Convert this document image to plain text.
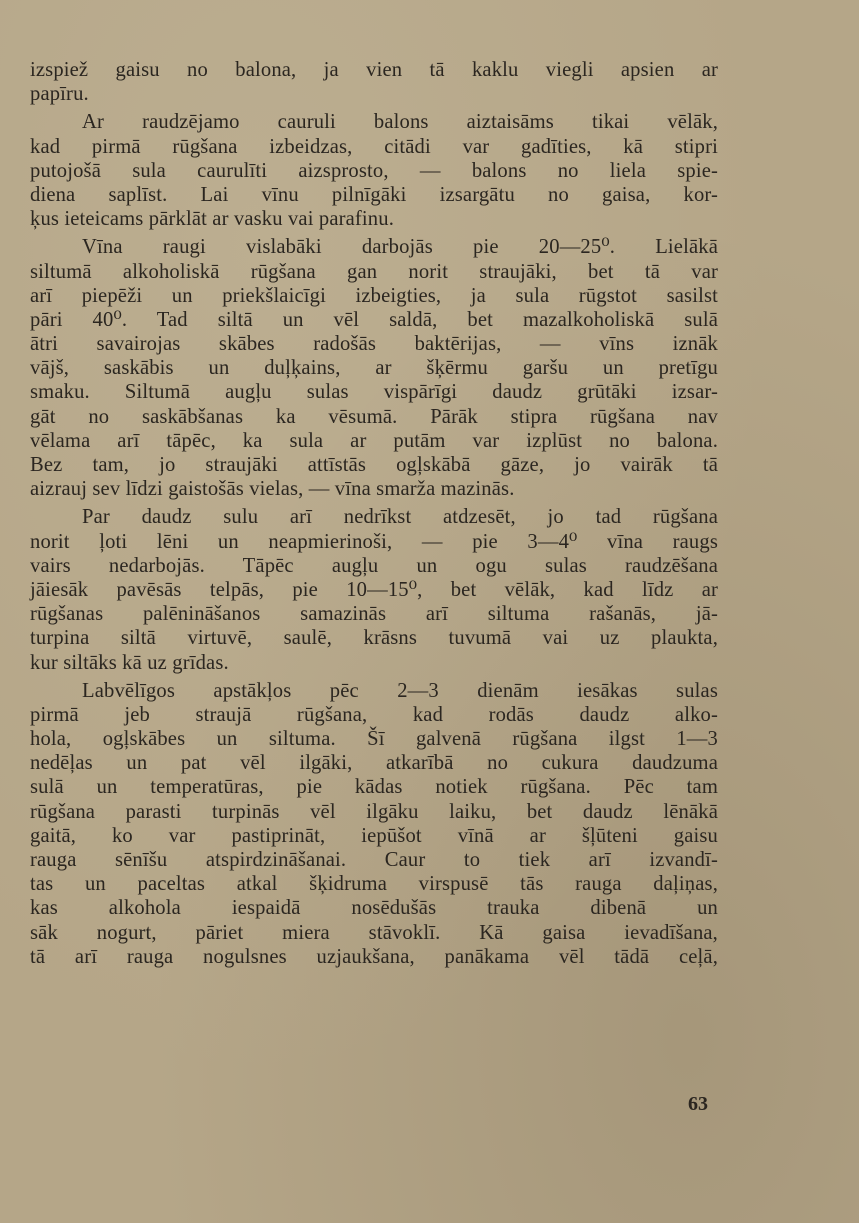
izspiež gaisu no balona, ja vien tā kaklu viegli apsien ar
papīru.
Ar raudzējamo cauruli balons aiztaisāms tikai vēlāk,
kad pirmā rūgšana izbeidzas, citādi var gadīties, kā stipri
putojošā sula caurulīti aizsprosto, — balons no liela spie-
diena saplīst. Lai vīnu pilnīgāki izsargātu no gaisa, kor-
ķus ieteicams pārklāt ar vasku vai parafinu.
Vīna raugi vislabāki darbojās pie 20—25⁰. Lielākā
siltumā alkoholiskā rūgšana gan norit straujāki, bet tā var
arī piepēži un priekšlaicīgi izbeigties, ja sula rūgstot sasilst
pāri 40⁰. Tad siltā un vēl saldā, bet mazalkoholiskā sulā
ātri savairojas skābes radošās baktērijas, — vīns iznāk
vājš, saskābis un duļķains, ar šķērmu garšu un pretīgu
smaku. Siltumā augļu sulas vispārīgi daudz grūtāki izsar-
gāt no saskābšanas ka vēsumā. Pārāk stipra rūgšana nav
vēlama arī tāpēc, ka sula ar putām var izplūst no balona.
Bez tam, jo straujāki attīstās ogļskābā gāze, jo vairāk tā
aizrauj sev līdzi gaistošās vielas, — vīna smarža mazinās.
Par daudz sulu arī nedrīkst atdzesēt, jo tad rūgšana
norit ļoti lēni un neapmierinoši, — pie 3—4⁰ vīna raugs
vairs nedarbojās. Tāpēc augļu un ogu sulas raudzēšana
jāiesāk pavēsās telpās, pie 10—15⁰, bet vēlāk, kad līdz ar
rūgšanas palēnināšanos samazinās arī siltuma rašanās, jā-
turpina siltā virtuvē, saulē, krāsns tuvumā vai uz plaukta,
kur siltāks kā uz grīdas.
Labvēlīgos apstākļos pēc 2—3 dienām iesākas sulas
pirmā jeb straujā rūgšana, kad rodās daudz alko-
hola, ogļskābes un siltuma. Šī galvenā rūgšana ilgst 1—3
nedēļas un pat vēl ilgāki, atkarībā no cukura daudzuma
sulā un temperatūras, pie kādas notiek rūgšana. Pēc tam
rūgšana parasti turpinās vēl ilgāku laiku, bet daudz lēnākā
gaitā, ko var pastiprināt, iepūšot vīnā ar šļūteni gaisu
rauga sēnīšu atspirdzināšanai. Caur to tiek arī izvandī-
tas un paceltas atkal šķidruma virspusē tās rauga daļiņas,
kas alkohola iespaidā nosēdušās trauka dibenā un
sāk nogurt, pāriet miera stāvoklī. Kā gaisa ievadīšana,
tā arī rauga nogulsnes uzjaukšana, panākama vēl tādā ceļā,
63
